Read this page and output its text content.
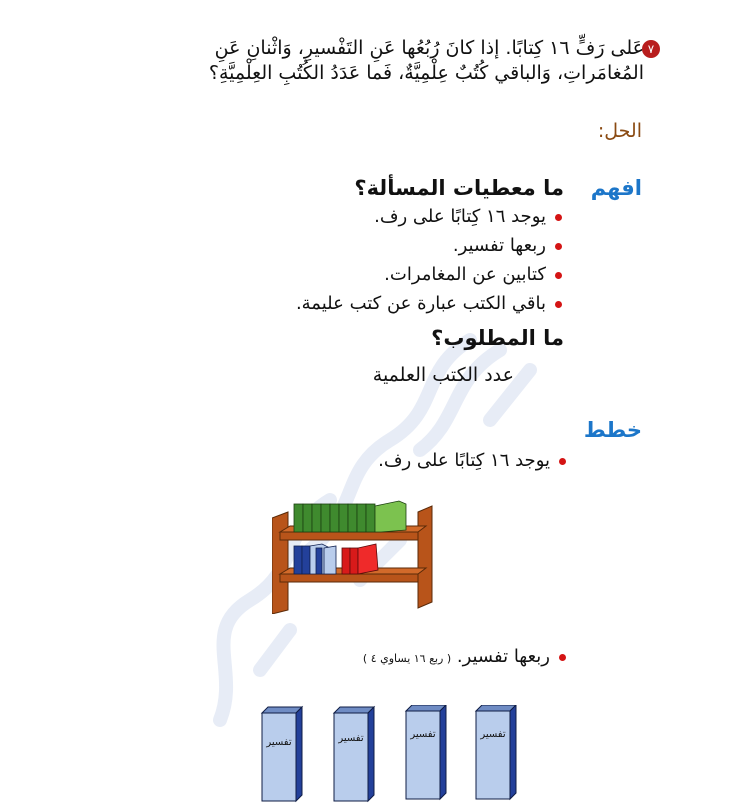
٧
عَلى رَفٍّ ١٦ كِتابًا. إذا كانَ رُبُعُها عَنِ التَفْسيرِ، وَاثْنانِ عَنِ المُغامَراتِ، وَالباقي كُتُبٌ عِلْمِيَّةٌ، فَما عَدَدُ الكُتُبِ العِلْمِيَّةِ؟
الحل:
افهم
ما معطيات المسألة؟
يوجد ١٦ كِتابًا على رف.
ربعها تفسير.
كتابين عن المغامرات.
باقي الكتب عبارة عن كتب عليمة.
ما المطلوب؟
عدد الكتب العلمية
خطط
يوجد ١٦ كِتابًا على رف.
ربعها تفسير. ( ربع ١٦ يساوي ٤ )
تفسير	تفسير	تفسير	تفسير
